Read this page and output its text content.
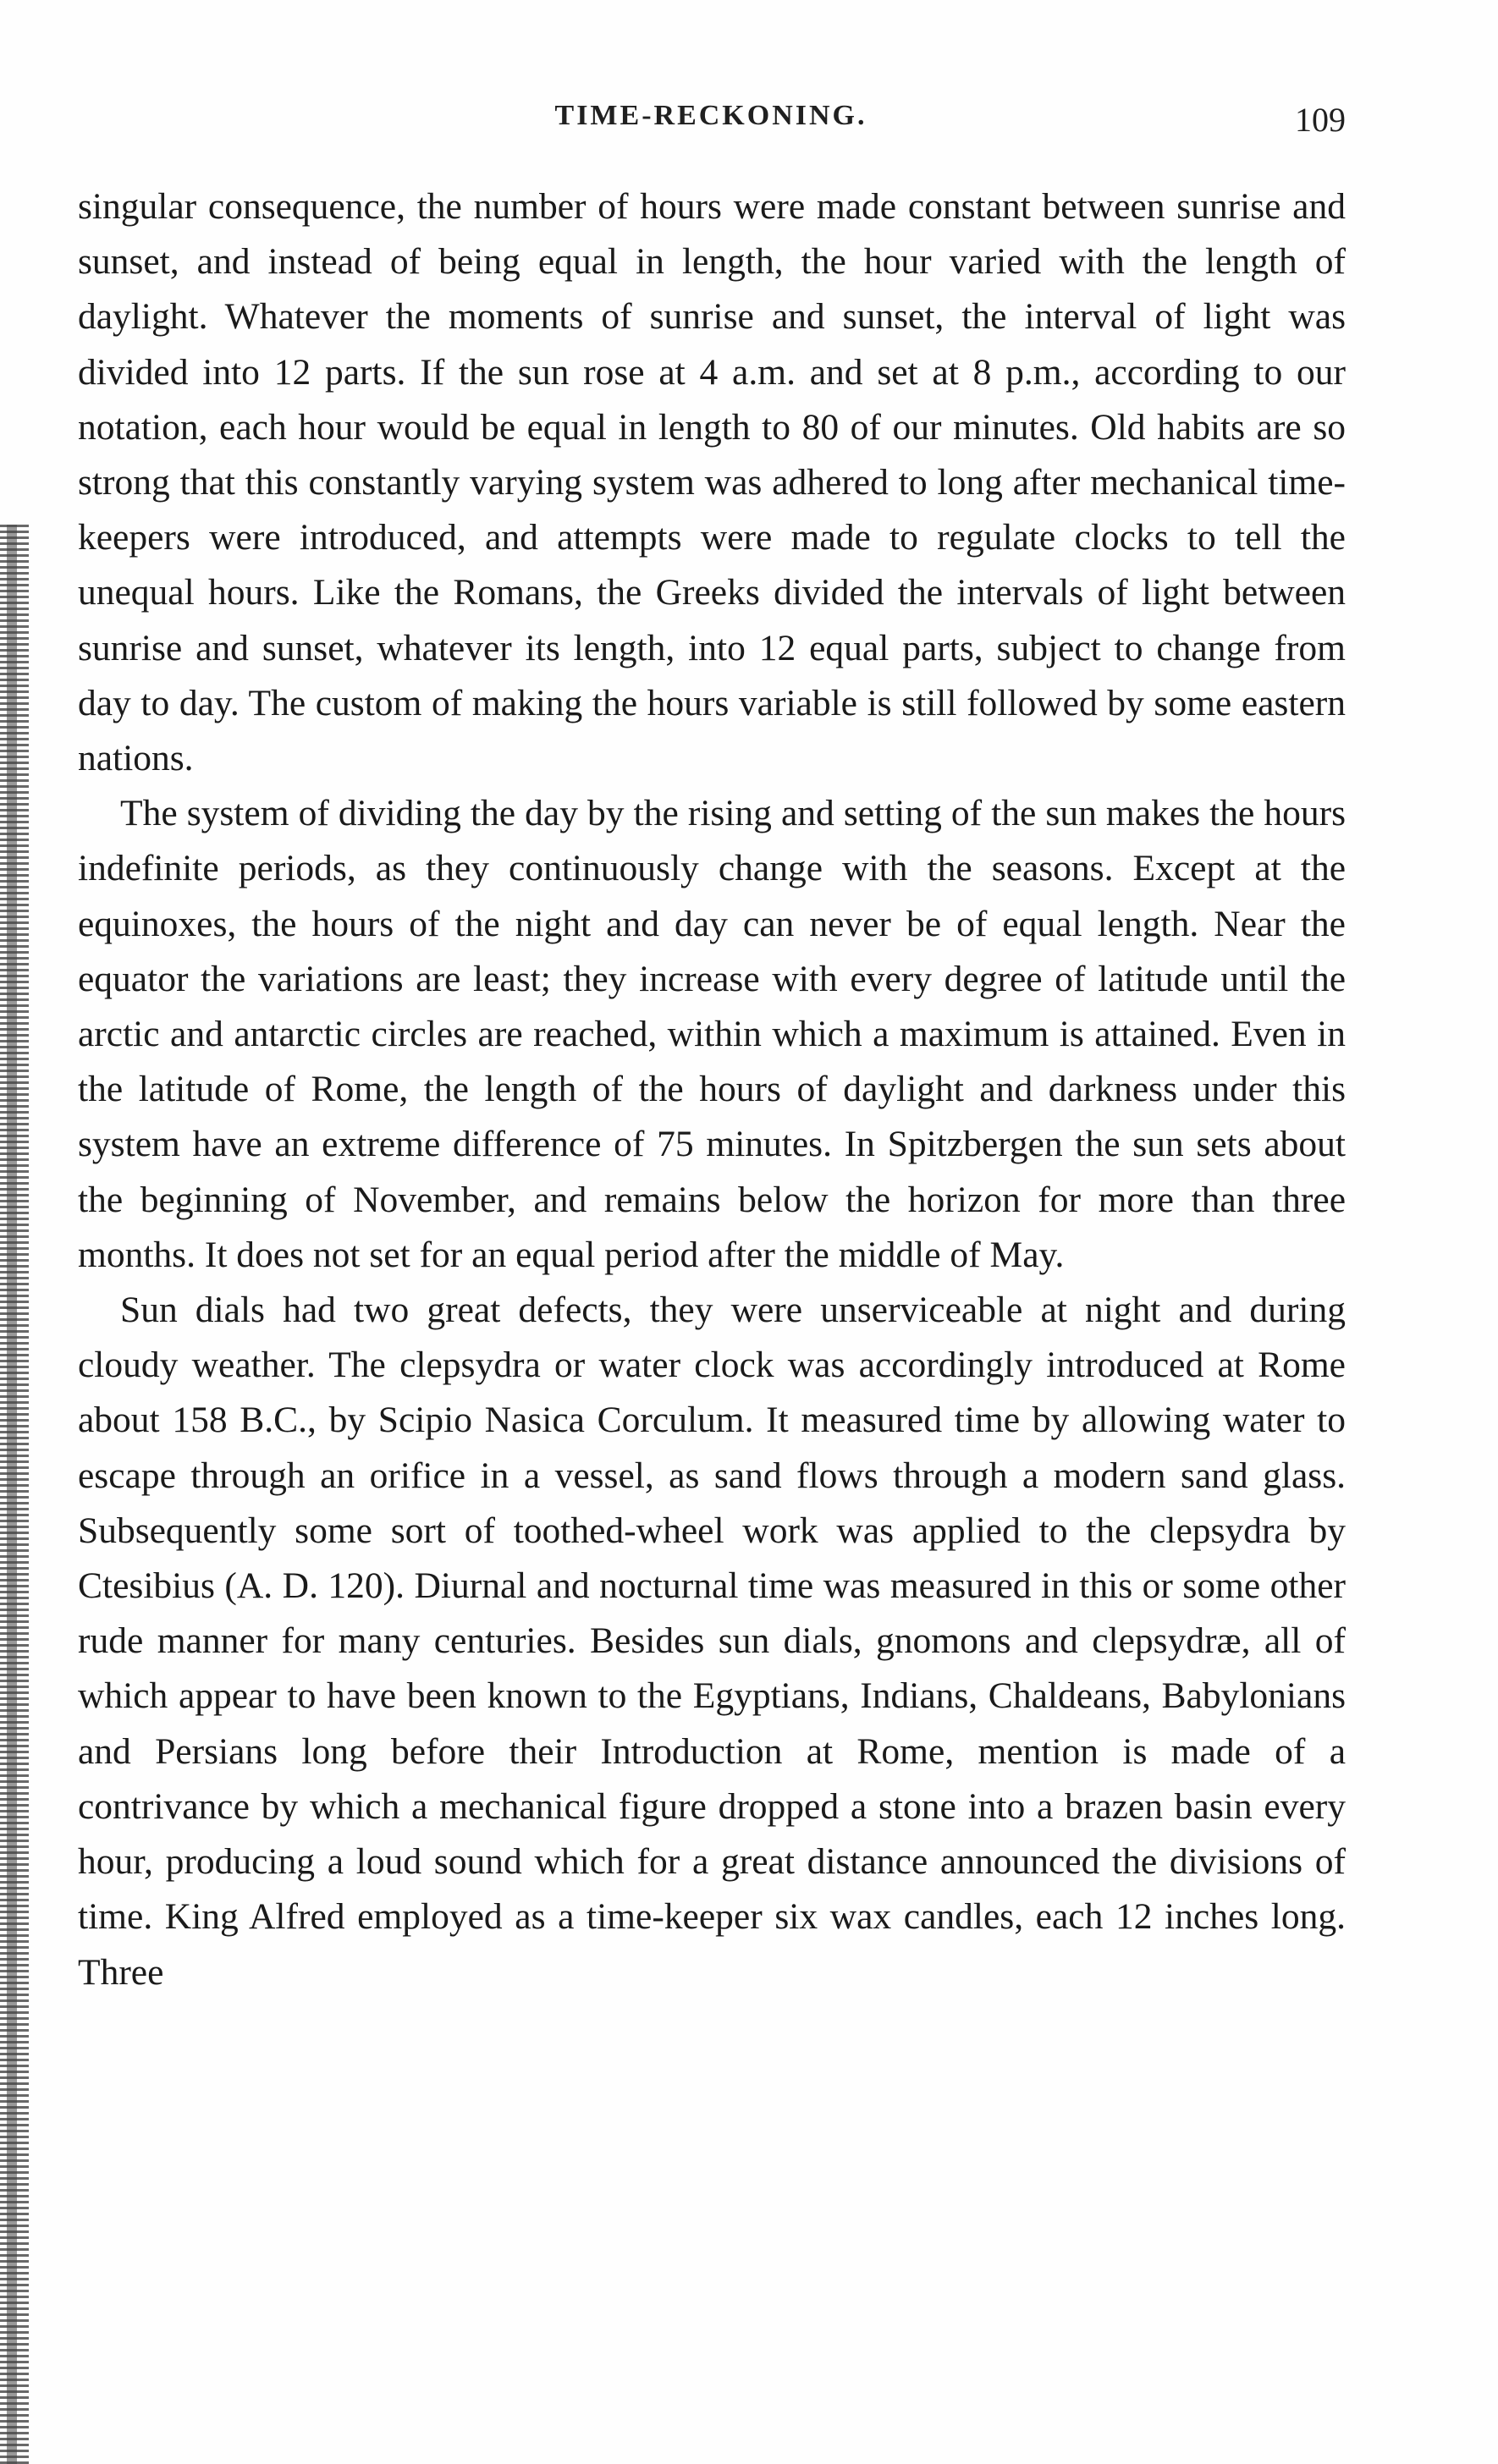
TIME-RECKONING.	109

singular consequence, the number of hours were made constant between sunrise and sunset, and instead of being equal in length, the hour varied with the length of daylight. Whatever the moments of sunrise and sunset, the interval of light was divided into 12 parts. If the sun rose at 4 a.m. and set at 8 p.m., according to our notation, each hour would be equal in length to 80 of our minutes. Old habits are so strong that this constantly varying system was adhered to long after mechanical time-keepers were introduced, and attempts were made to regulate clocks to tell the unequal hours. Like the Romans, the Greeks divided the intervals of light between sunrise and sunset, whatever its length, into 12 equal parts, subject to change from day to day. The custom of making the hours variable is still followed by some eastern nations.

The system of dividing the day by the rising and setting of the sun makes the hours indefinite periods, as they continuously change with the seasons. Except at the equinoxes, the hours of the night and day can never be of equal length. Near the equator the variations are least; they increase with every degree of latitude until the arctic and antarctic circles are reached, within which a maximum is attained. Even in the latitude of Rome, the length of the hours of daylight and darkness under this system have an extreme difference of 75 minutes. In Spitzbergen the sun sets about the beginning of November, and remains below the horizon for more than three months. It does not set for an equal period after the middle of May.

Sun dials had two great defects, they were unserviceable at night and during cloudy weather. The clepsydra or water clock was accordingly introduced at Rome about 158 B.C., by Scipio Nasica Corculum. It measured time by allowing water to escape through an orifice in a vessel, as sand flows through a modern sand glass. Subsequently some sort of toothed-wheel work was applied to the clepsydra by Ctesibius (A. D. 120). Diurnal and nocturnal time was measured in this or some other rude manner for many centuries. Besides sun dials, gnomons and clepsydræ, all of which appear to have been known to the Egyptians, Indians, Chaldeans, Babylonians and Persians long before their Introduction at Rome, mention is made of a contrivance by which a mechanical figure dropped a stone into a brazen basin every hour, producing a loud sound which for a great distance announced the divisions of time. King Alfred employed as a time-keeper six wax candles, each 12 inches long. Three
